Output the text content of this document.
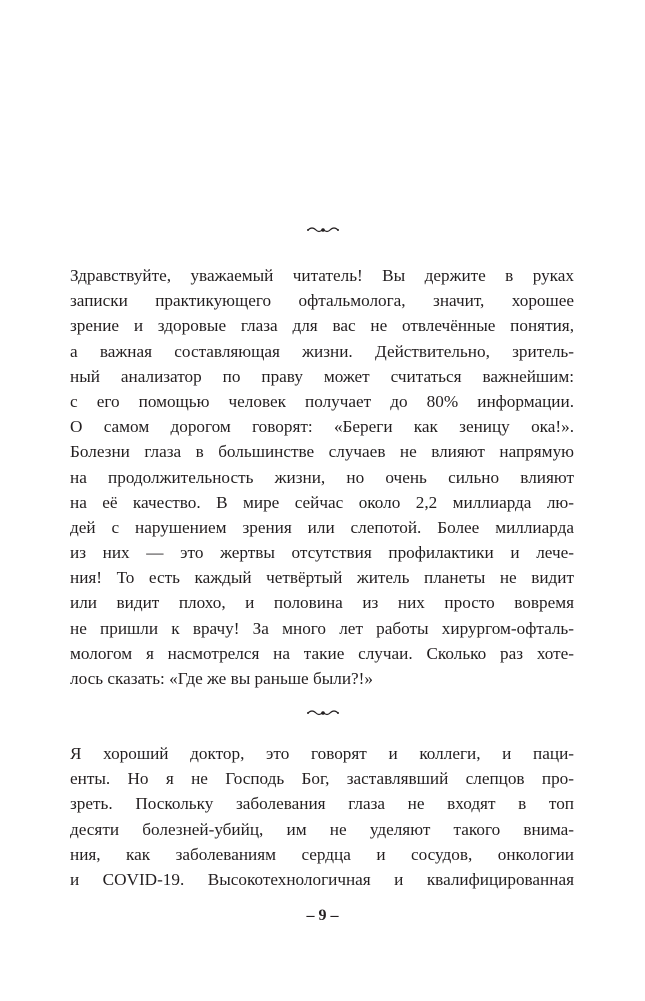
Здравствуйте, уважаемый читатель! Вы держите в руках
записки практикующего офтальмолога, значит, хорошее
зрение и здоровые глаза для вас не отвлечённые понятия,
а важная составляющая жизни. Действительно, зритель-
ный анализатор по праву может считаться важнейшим:
с его помощью человек получает до 80% информации.
О самом дорогом говорят: «Береги как зеницу ока!».
Болезни глаза в большинстве случаев не влияют напрямую
на продолжительность жизни, но очень сильно влияют
на её качество. В мире сейчас около 2,2 миллиарда лю-
дей с нарушением зрения или слепотой. Более миллиарда
из них — это жертвы отсутствия профилактики и лече-
ния! То есть каждый четвёртый житель планеты не видит
или видит плохо, и половина из них просто вовремя
не пришли к врачу! За много лет работы хирургом-офталь-
мологом я насмотрелся на такие случаи. Сколько раз хоте-
лось сказать: «Где же вы раньше были?!»
Я хороший доктор, это говорят и коллеги, и паци-
енты. Но я не Господь Бог, заставлявший слепцов про-
зреть. Поскольку заболевания глаза не входят в топ
десяти болезней-убийц, им не уделяют такого внима-
ния, как заболеваниям сердца и сосудов, онкологии
и COVID-19. Высокотехнологичная и квалифицированная
– 9 –
